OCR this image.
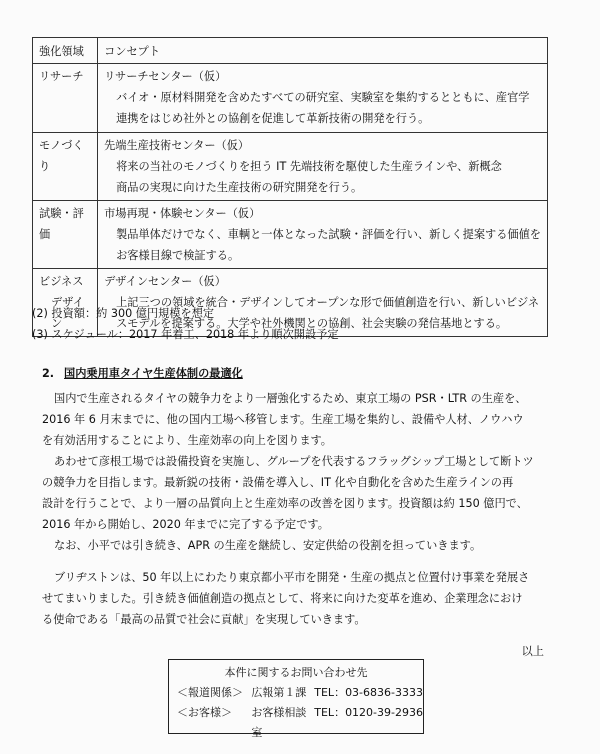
強化領域	コンセプト

リサーチ	リサーチセンター（仮）
バイオ・原材料開発を含めたすべての研究室、実験室を集約するとともに、産官学
連携をはじめ社外との協創を促進して革新技術の開発を行う。

モノづくり	先端生産技術センター（仮）
将来の当社のモノづくりを担う IT 先端技術を駆使した生産ラインや、新概念
商品の実現に向けた生産技術の研究開発を行う。

試験・評価	市場再現・体験センター（仮）
製品単体だけでなく、車輌と一体となった試験・評価を行い、新しく提案する価値を
お客様目線で検証する。

ビジネス
デザイン	デザインセンター（仮）
上記三つの領域を統合・デザインしてオープンな形で価値創造を行い、新しいビジネ
スモデルを提案する。大学や社外機関との協創、社会実験の発信基地とする。
(2) 投資額：約 300 億円規模を想定
(3) スケジュール：2017 年着工、2018 年より順次開設予定
2. 国内乗用車タイヤ生産体制の最適化
国内で生産されるタイヤの競争力をより一層強化するため、東京工場の PSR・LTR の生産を、
2016 年 6 月末までに、他の国内工場へ移管します。生産工場を集約し、設備や人材、ノウハウ
を有効活用することにより、生産効率の向上を図ります。
あわせて彦根工場では設備投資を実施し、グループを代表するフラッグシップ工場として断トツ
の競争力を目指します。最新鋭の技術・設備を導入し、IT 化や自動化を含めた生産ラインの再
設計を行うことで、より一層の品質向上と生産効率の改善を図ります。投資額は約 150 億円で、
2016 年から開始し、2020 年までに完了する予定です。
なお、小平では引き続き、APR の生産を継続し、安定供給の役割を担っていきます。
ブリヂストンは、50 年以上にわたり東京都小平市を開発・生産の拠点と位置付け事業を発展さ
せてまいりました。引き続き価値創造の拠点として、将来に向けた変革を進め、企業理念におけ
る使命である「最高の品質で社会に貢献」を実現していきます。
以上
本件に関するお問い合わせ先
＜報道関係＞ 広報第１課 TEL：03-6836-3333
＜お客様＞	お客様相談室
TEL：0120-39-2936
